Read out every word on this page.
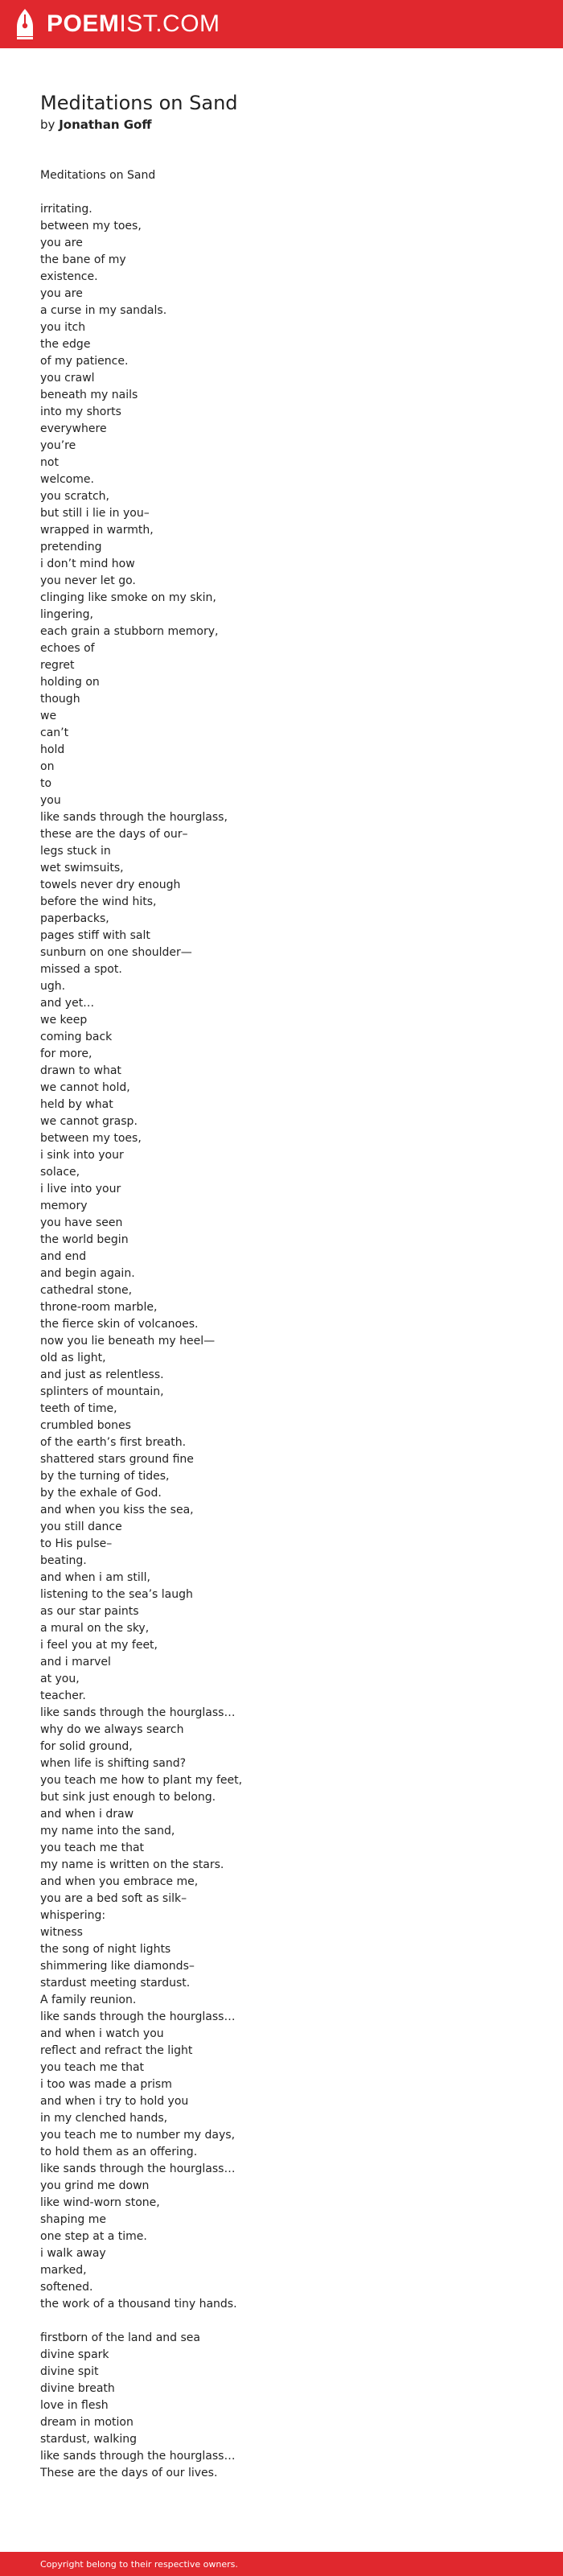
POEMIST.COM
Meditations on Sand
by Jonathan Goff
Meditations on Sand
irritating.
between my toes,
you are
the bane of my
existence.
you are
a curse in my sandals.
you itch
the edge
of my patience.
you crawl
beneath my nails
into my shorts
everywhere
you’re
not
welcome.
you scratch,
but still i lie in you–
wrapped in warmth,
pretending
i don’t mind how
you never let go.
clinging like smoke on my skin,
lingering,
each grain a stubborn memory,
echoes of
regret
holding on
though
we
can’t
hold
on
to
you
like sands through the hourglass,
these are the days of our–
legs stuck in
wet swimsuits,
towels never dry enough
before the wind hits,
paperbacks,
pages stiff with salt
sunburn on one shoulder—
missed a spot.
ugh.
and yet…
we keep
coming back
for more,
drawn to what
we cannot hold,
held by what
we cannot grasp.
between my toes,
i sink into your
solace,
i live into your
memory
you have seen
the world begin
and end
and begin again.
cathedral stone,
throne-room marble,
the fierce skin of volcanoes.
now you lie beneath my heel—
old as light,
and just as relentless.
splinters of mountain,
teeth of time,
crumbled bones
of the earth’s first breath.
shattered stars ground fine
by the turning of tides,
by the exhale of God.
and when you kiss the sea,
you still dance
to His pulse–
beating.
and when i am still,
listening to the sea’s laugh
as our star paints
a mural on the sky,
i feel you at my feet,
and i marvel
at you,
teacher.
like sands through the hourglass…
why do we always search
for solid ground,
when life is shifting sand?
you teach me how to plant my feet,
but sink just enough to belong.
and when i draw
my name into the sand,
you teach me that
my name is written on the stars.
and when you embrace me,
you are a bed soft as silk–
whispering:
witness
the song of night lights
shimmering like diamonds–
stardust meeting stardust.
A family reunion.
like sands through the hourglass…
and when i watch you
reflect and refract the light
you teach me that
i too was made a prism
and when i try to hold you
in my clenched hands,
you teach me to number my days,
to hold them as an offering.
like sands through the hourglass…
you grind me down
like wind-worn stone,
shaping me
one step at a time.
i walk away
marked,
softened.
the work of a thousand tiny hands.
firstborn of the land and sea
divine spark
divine spit
divine breath
love in flesh
dream in motion
stardust, walking
like sands through the hourglass…
These are the days of our lives.
Copyright belong to their respective owners.
